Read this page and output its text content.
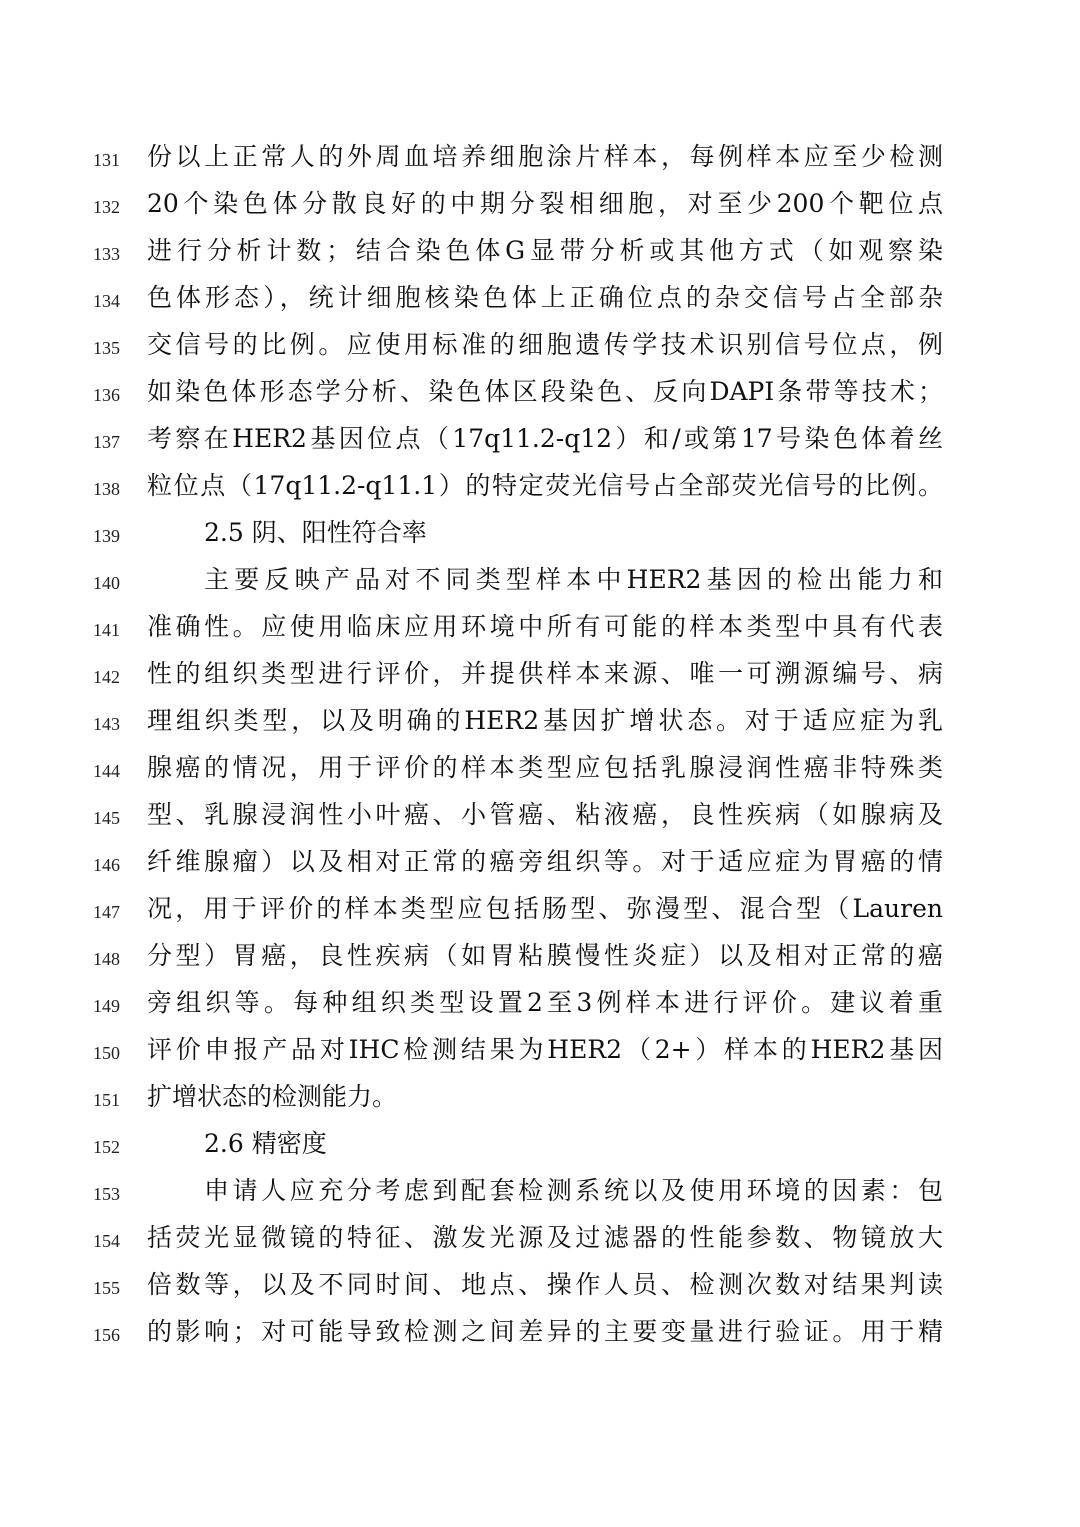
131 份以上正常人的外周血培养细胞涂片样本，每例样本应至少检测
132 20个染色体分散良好的中期分裂相细胞，对至少200个靶位点
133 进行分析计数；结合染色体G显带分析或其他方式（如观察染
134 色体形态），统计细胞核染色体上正确位点的杂交信号占全部杂
135 交信号的比例。应使用标准的细胞遗传学技术识别信号位点，例
136 如染色体形态学分析、染色体区段染色、反向DAPI条带等技术；
137 考察在HER2基因位点（17q11.2-q12）和/或第17号染色体着丝
138 粒位点（17q11.2-q11.1）的特定荧光信号占全部荧光信号的比例。
139	2.5 阴、阳性符合率
140	主要反映产品对不同类型样本中HER2基因的检出能力和
141 准确性。应使用临床应用环境中所有可能的样本类型中具有代表
142 性的组织类型进行评价，并提供样本来源、唯一可溯源编号、病
143 理组织类型，以及明确的HER2基因扩增状态。对于适应症为乳
144 腺癌的情况，用于评价的样本类型应包括乳腺浸润性癌非特殊类
145 型、乳腺浸润性小叶癌、小管癌、粘液癌，良性疾病（如腺病及
146 纤维腺瘤）以及相对正常的癌旁组织等。对于适应症为胃癌的情
147 况，用于评价的样本类型应包括肠型、弥漫型、混合型（Lauren
148 分型）胃癌，良性疾病（如胃粘膜慢性炎症）以及相对正常的癌
149 旁组织等。每种组织类型设置2至3例样本进行评价。建议着重
150 评价申报产品对IHC检测结果为HER2（2+）样本的HER2基因
151 扩增状态的检测能力。
152	2.6 精密度
153	申请人应充分考虑到配套检测系统以及使用环境的因素：包
154 括荧光显微镜的特征、激发光源及过滤器的性能参数、物镜放大
155 倍数等，以及不同时间、地点、操作人员、检测次数对结果判读
156 的影响；对可能导致检测之间差异的主要变量进行验证。用于精
